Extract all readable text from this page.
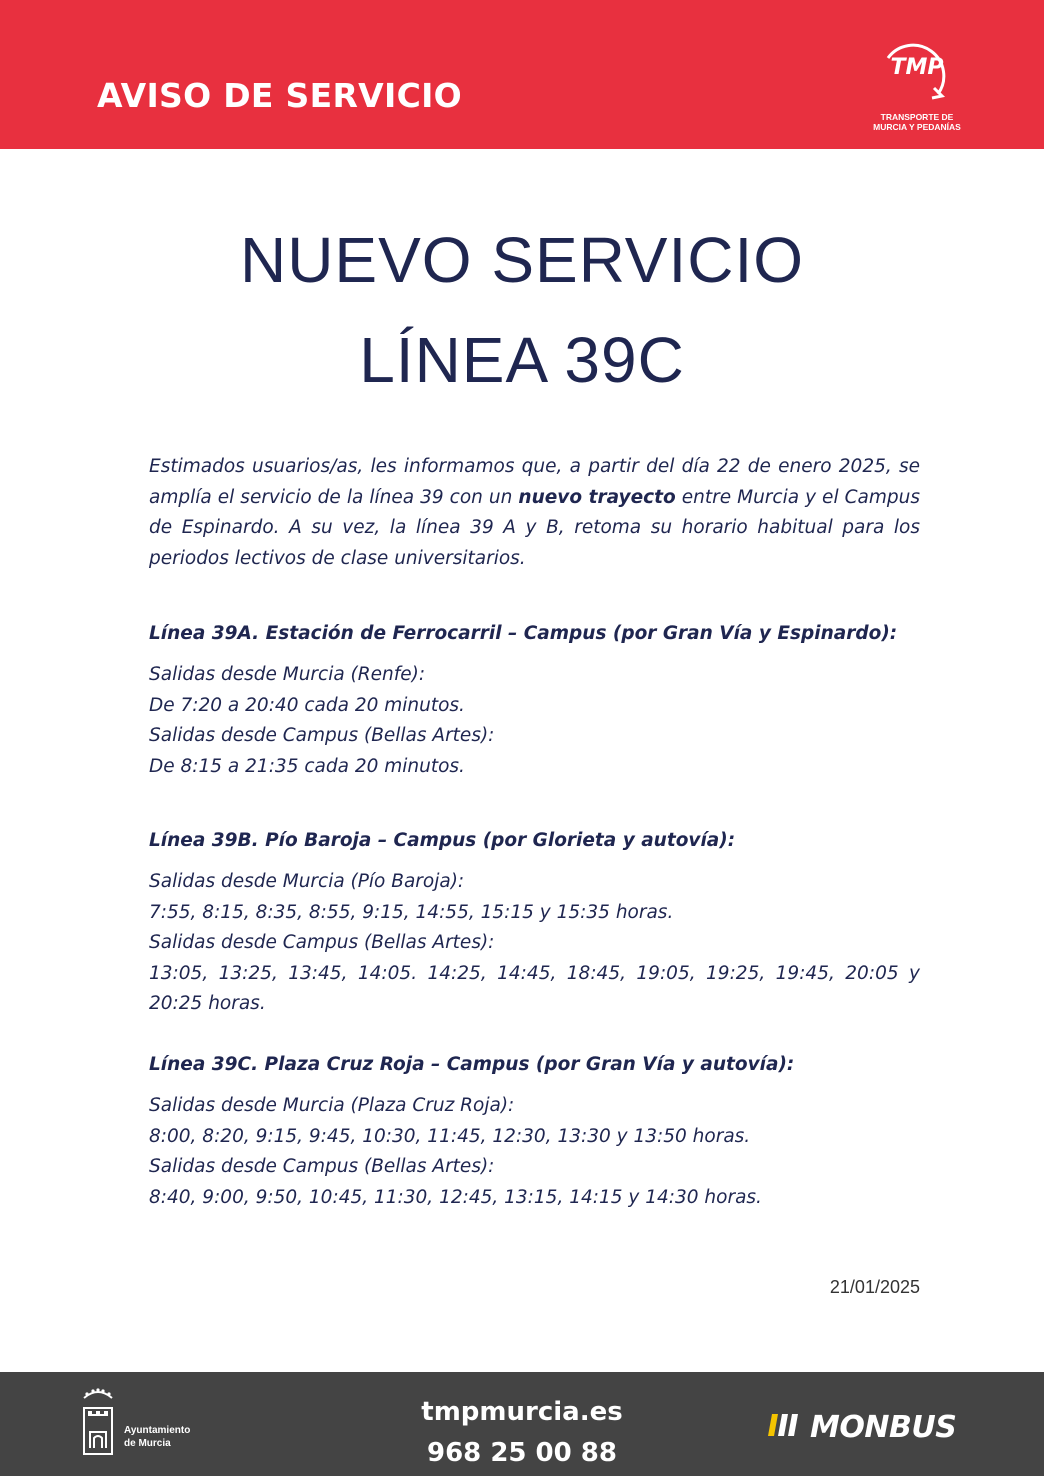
AVISO DE SERVICIO
TMP
TRANSPORTE DE
MURCIA Y PEDANÍAS
NUEVO SERVICIO
LÍNEA 39C
Estimados usuarios/as, les informamos que, a partir del día 22 de enero 2025, se amplía el servicio de la línea 39 con un nuevo trayecto entre Murcia y el Campus de Espinardo. A su vez, la línea 39 A y B, retoma su horario habitual para los periodos lectivos de clase universitarios.
Línea 39A. Estación de Ferrocarril – Campus (por Gran Vía y Espinardo):
Salidas desde Murcia (Renfe):
De 7:20 a 20:40 cada 20 minutos.
Salidas desde Campus (Bellas Artes):
De 8:15 a 21:35 cada 20 minutos.
Línea 39B. Pío Baroja – Campus (por Glorieta y autovía):
Salidas desde Murcia (Pío Baroja):
7:55, 8:15, 8:35, 8:55, 9:15, 14:55, 15:15 y 15:35 horas.
Salidas desde Campus (Bellas Artes):
13:05, 13:25, 13:45, 14:05. 14:25, 14:45, 18:45, 19:05, 19:25, 19:45, 20:05 y 20:25 horas.
Línea 39C. Plaza Cruz Roja – Campus (por Gran Vía y autovía):
Salidas desde Murcia (Plaza Cruz Roja):
8:00, 8:20, 9:15, 9:45, 10:30, 11:45, 12:30, 13:30 y 13:50 horas.
Salidas desde Campus (Bellas Artes):
8:40, 9:00, 9:50, 10:45, 11:30, 12:45, 13:15, 14:15 y 14:30 horas.
21/01/2025
Ayuntamiento
de Murcia
tmpmurcia.es
968 25 00 88
MONBUS
